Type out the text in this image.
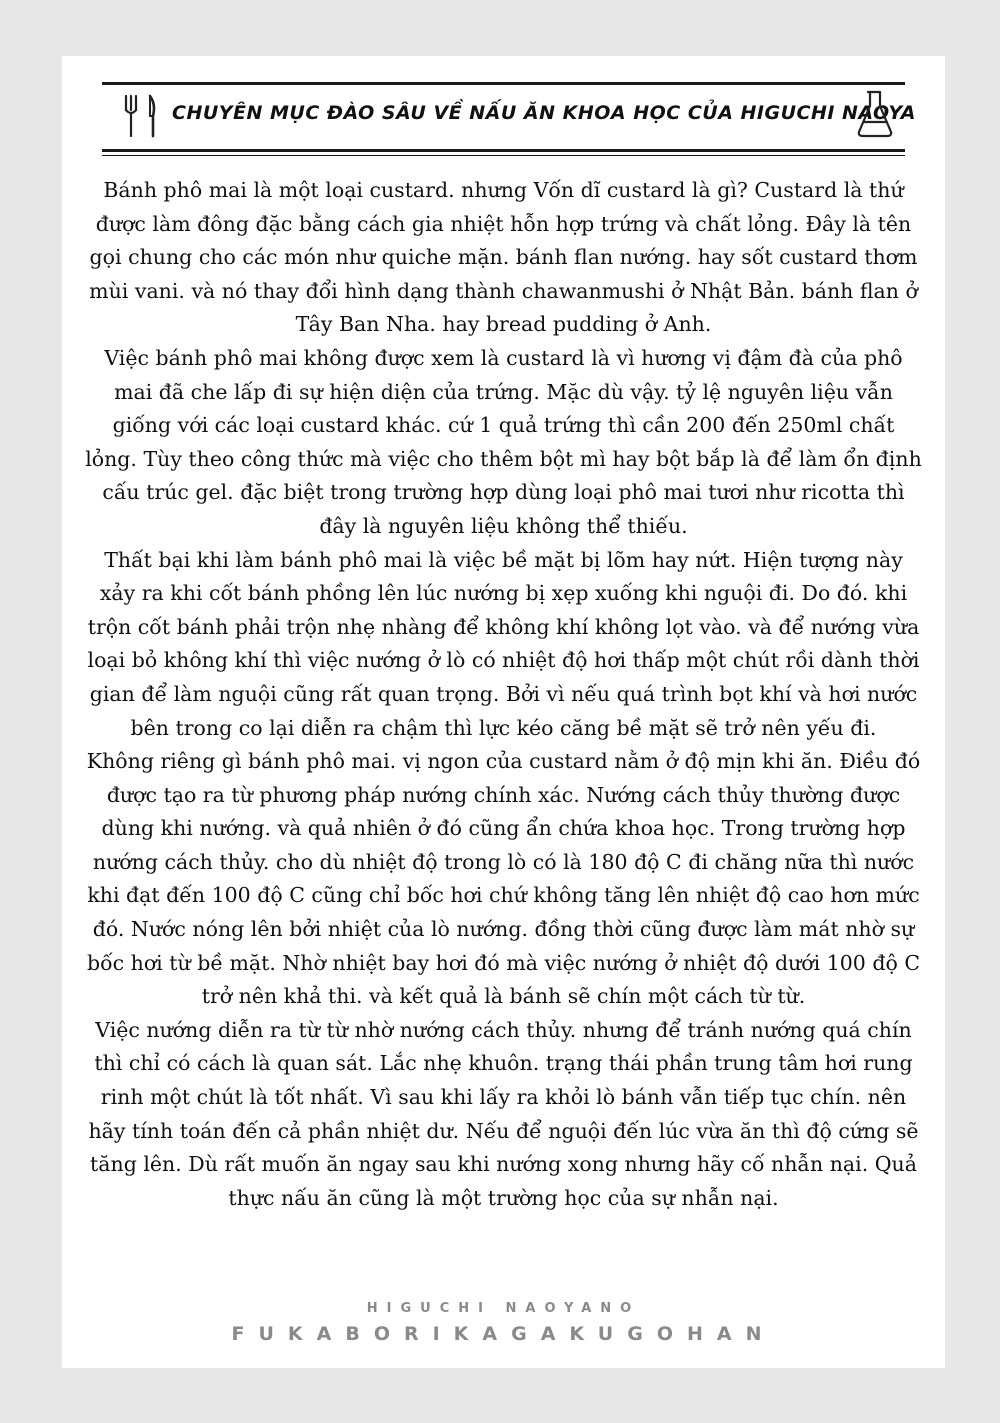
CHUYÊN MỤC ĐÀO SÂU VỀ NẤU ĂN KHOA HỌC CỦA HIGUCHI NAOYA

Bánh phô mai là một loại custard. nhưng Vốn dĩ custard là gì? Custard là thứ được làm đông đặc bằng cách gia nhiệt hỗn hợp trứng và chất lỏng. Đây là tên gọi chung cho các món như quiche mặn. bánh flan nướng. hay sốt custard thơm mùi vani. và nó thay đổi hình dạng thành chawanmushi ở Nhật Bản. bánh flan ở Tây Ban Nha. hay bread pudding ở Anh.

Việc bánh phô mai không được xem là custard là vì hương vị đậm đà của phô mai đã che lấp đi sự hiện diện của trứng. Mặc dù vậy. tỷ lệ nguyên liệu vẫn giống với các loại custard khác. cứ 1 quả trứng thì cần 200 đến 250ml chất lỏng. Tùy theo công thức mà việc cho thêm bột mì hay bột bắp là để làm ổn định cấu trúc gel. đặc biệt trong trường hợp dùng loại phô mai tươi như ricotta thì đây là nguyên liệu không thể thiếu.

Thất bại khi làm bánh phô mai là việc bề mặt bị lõm hay nứt. Hiện tượng này xảy ra khi cốt bánh phồng lên lúc nướng bị xẹp xuống khi nguội đi. Do đó. khi trộn cốt bánh phải trộn nhẹ nhàng để không khí không lọt vào. và để nướng vừa loại bỏ không khí thì việc nướng ở lò có nhiệt độ hơi thấp một chút rồi dành thời gian để làm nguội cũng rất quan trọng. Bởi vì nếu quá trình bọt khí và hơi nước bên trong co lại diễn ra chậm thì lực kéo căng bề mặt sẽ trở nên yếu đi.

Không riêng gì bánh phô mai. vị ngon của custard nằm ở độ mịn khi ăn. Điều đó được tạo ra từ phương pháp nướng chính xác. Nướng cách thủy thường được dùng khi nướng. và quả nhiên ở đó cũng ẩn chứa khoa học. Trong trường hợp nướng cách thủy. cho dù nhiệt độ trong lò có là 180 độ C đi chăng nữa thì nước khi đạt đến 100 độ C cũng chỉ bốc hơi chứ không tăng lên nhiệt độ cao hơn mức đó. Nước nóng lên bởi nhiệt của lò nướng. đồng thời cũng được làm mát nhờ sự bốc hơi từ bề mặt. Nhờ nhiệt bay hơi đó mà việc nướng ở nhiệt độ dưới 100 độ C trở nên khả thi. và kết quả là bánh sẽ chín một cách từ từ.

Việc nướng diễn ra từ từ nhờ nướng cách thủy. nhưng để tránh nướng quá chín thì chỉ có cách là quan sát. Lắc nhẹ khuôn. trạng thái phần trung tâm hơi rung rinh một chút là tốt nhất. Vì sau khi lấy ra khỏi lò bánh vẫn tiếp tục chín. nên hãy tính toán đến cả phần nhiệt dư. Nếu để nguội đến lúc vừa ăn thì độ cứng sẽ tăng lên. Dù rất muốn ăn ngay sau khi nướng xong nhưng hãy cố nhẫn nại. Quả thực nấu ăn cũng là một trường học của sự nhẫn nại.

HIGUCHI NAOYANO
FUKABORIKAGAKUGOHAN
